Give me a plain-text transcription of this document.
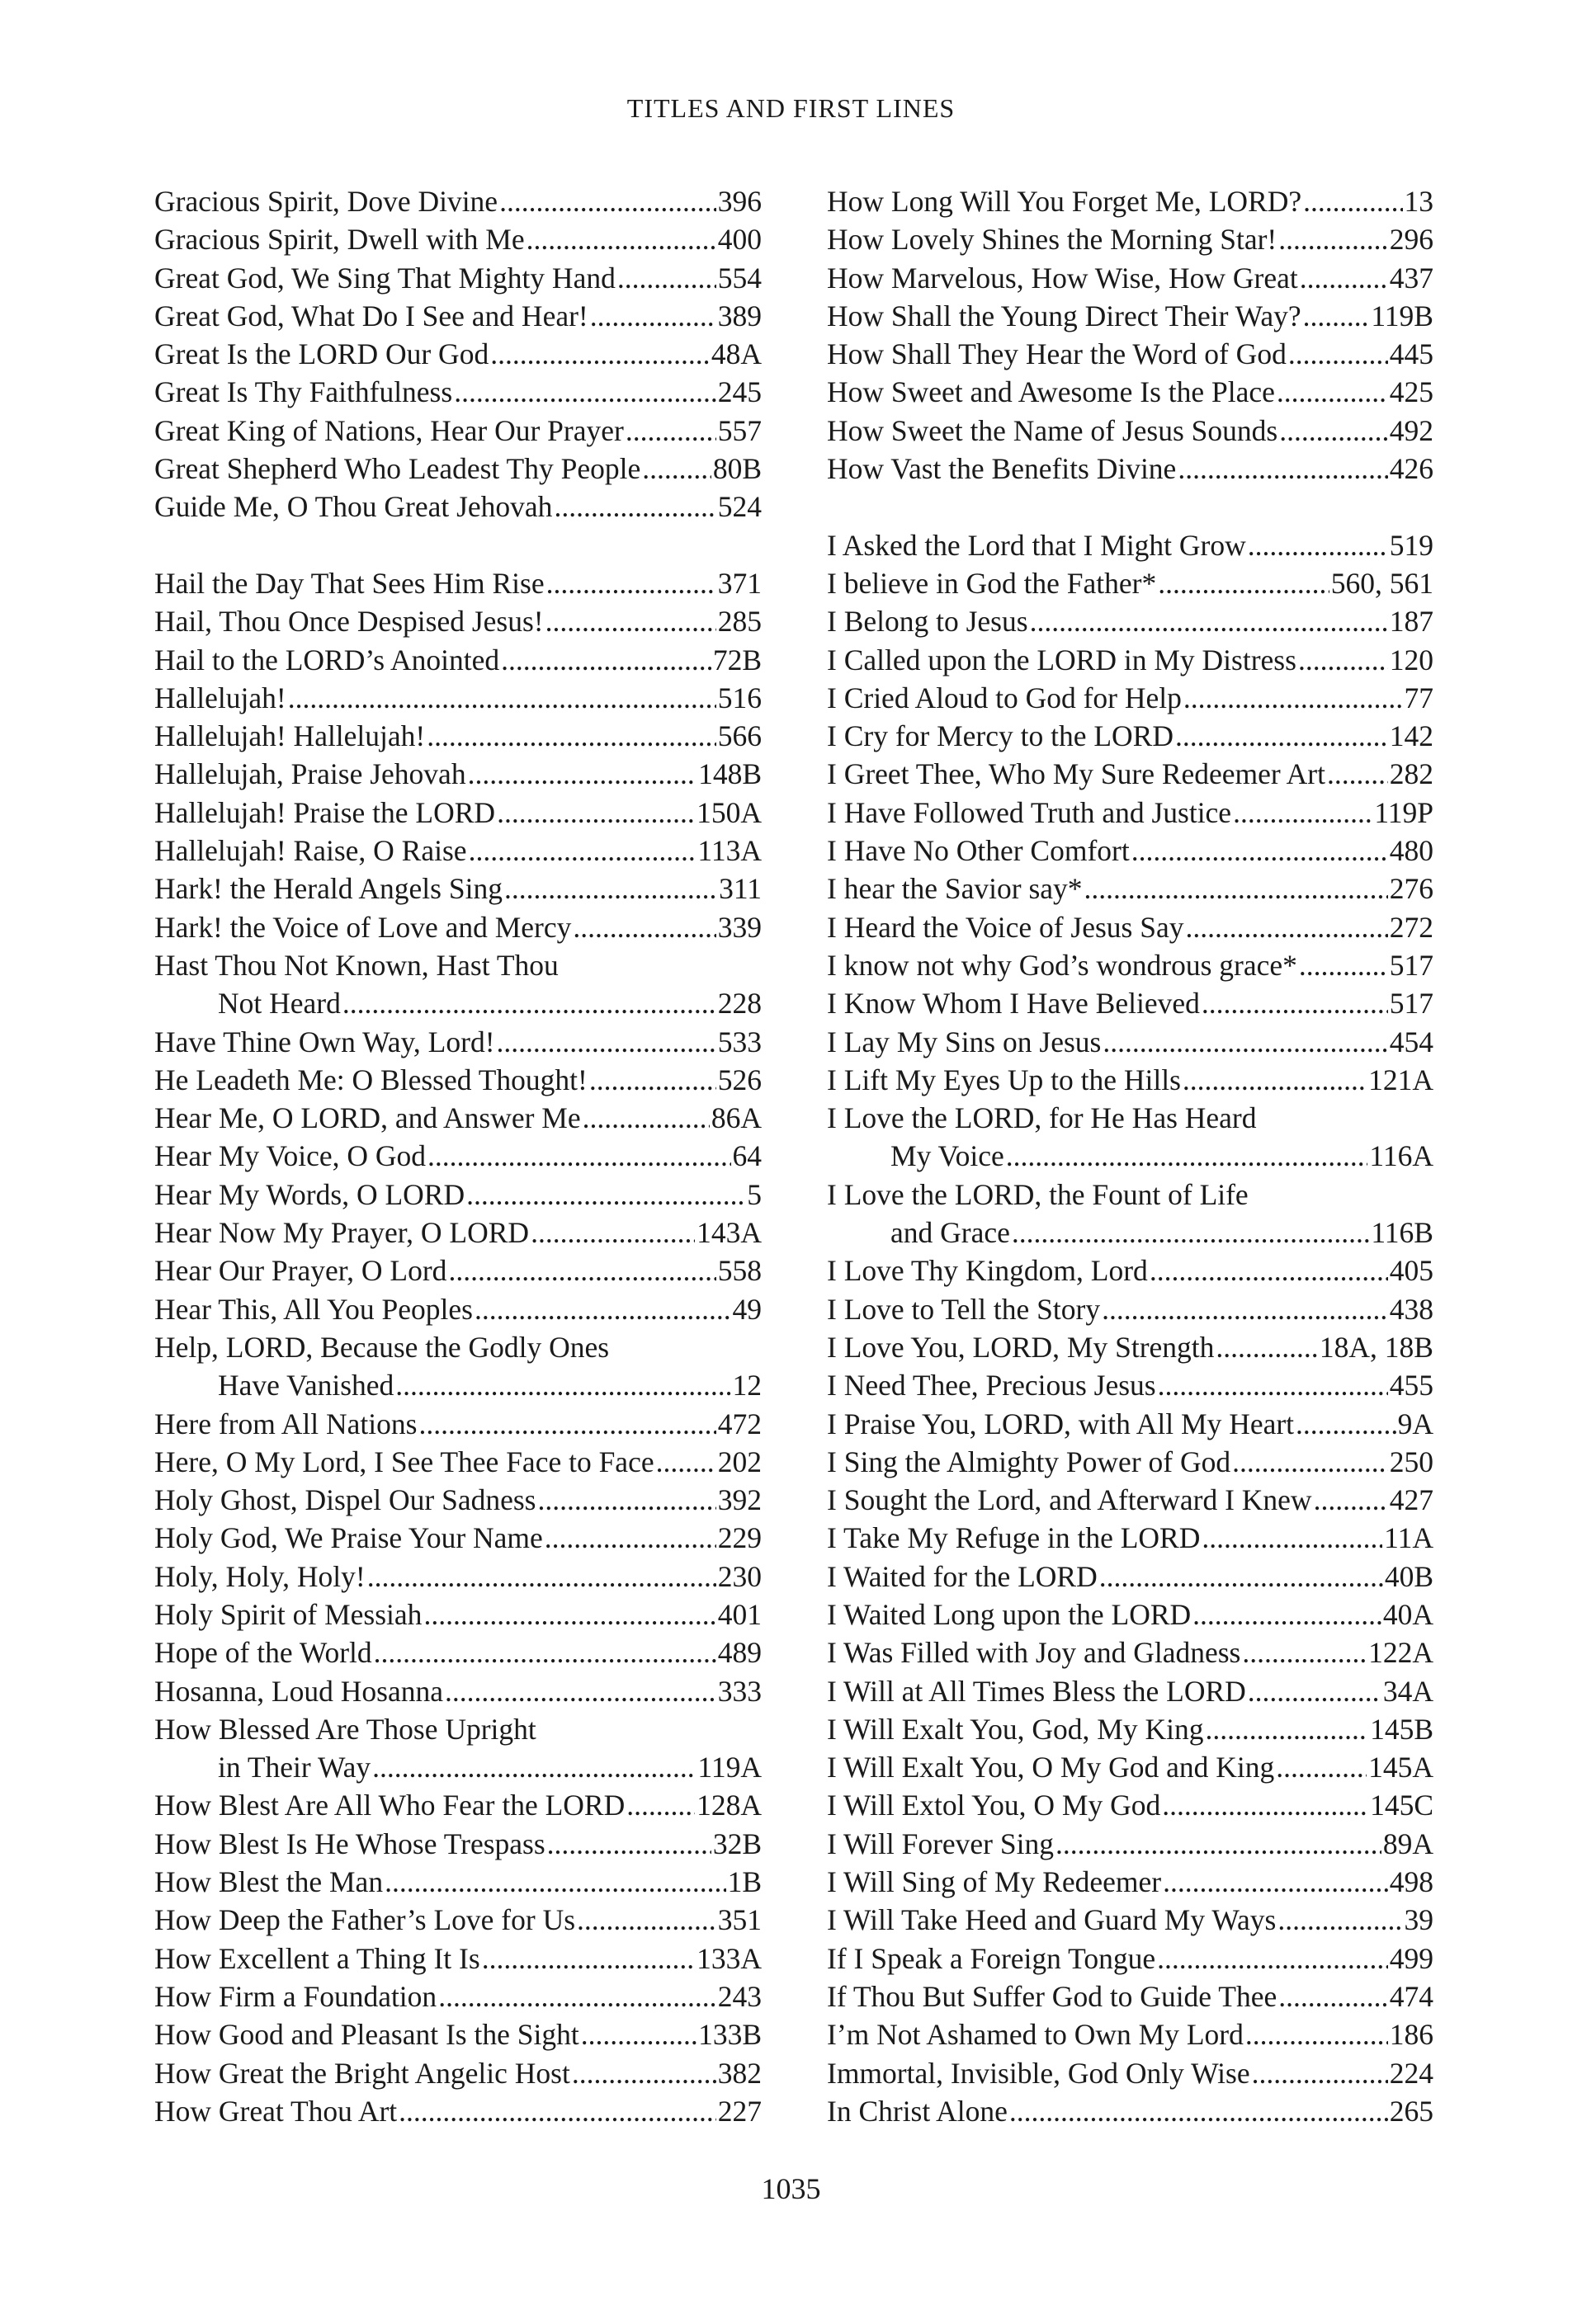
TITLES AND FIRST LINES
Gracious Spirit, Dove Divine .....	396
Gracious Spirit, Dwell with Me .....	400
Great God, We Sing That Mighty Hand .....	554
Great God, What Do I See and Hear! .....	389
Great Is the LORD Our God .....	48A
Great Is Thy Faithfulness .....	245
Great King of Nations, Hear Our Prayer .....	557
Great Shepherd Who Leadest Thy People ..... 80B
Guide Me, O Thou Great Jehovah .....	524
Hail the Day That Sees Him Rise .....	371
Hail, Thou Once Despised Jesus! .....	285
Hail to the LORD’s Anointed .....	72B
Hallelujah! .....	516
Hallelujah! Hallelujah! .....	566
Hallelujah, Praise Jehovah .....	148B
Hallelujah! Praise the LORD .....	150A
Hallelujah! Raise, O Raise .....	113A
Hark! the Herald Angels Sing .....	311
Hark! the Voice of Love and Mercy .....	339
Hast Thou Not Known, Hast Thou
Not Heard .....	228
Have Thine Own Way, Lord! .....	533
He Leadeth Me: O Blessed Thought! .....	526
Hear Me, O LORD, and Answer Me .....	86A
Hear My Voice, O God .....	64
Hear My Words, O LORD .....	5
Hear Now My Prayer, O LORD .....	143A
Hear Our Prayer, O Lord .....	558
Hear This, All You Peoples .....	49
Help, LORD, Because the Godly Ones
Have Vanished .....	12
Here from All Nations .....	472
Here, O My Lord, I See Thee Face to Face ..... 202
Holy Ghost, Dispel Our Sadness .....	392
Holy God, We Praise Your Name .....	229
Holy, Holy, Holy! .....	230
Holy Spirit of Messiah .....	401
Hope of the World .....	489
Hosanna, Loud Hosanna .....	333
How Blessed Are Those Upright
in Their Way .....	119A
How Blest Are All Who Fear the LORD ..... 128A
How Blest Is He Whose Trespass .....	32B
How Blest the Man .....	1B
How Deep the Father’s Love for Us .....	351
How Excellent a Thing It Is .....	133A
How Firm a Foundation .....	243
How Good and Pleasant Is the Sight .....	133B
How Great the Bright Angelic Host .....	382
How Great Thou Art .....	227
How Long Will You Forget Me, LORD? .....	13
How Lovely Shines the Morning Star! .....	296
How Marvelous, How Wise, How Great .....	437
How Shall the Young Direct Their Way? ..... 119B
How Shall They Hear the Word of God .....	445
How Sweet and Awesome Is the Place .....	425
How Sweet the Name of Jesus Sounds .....	492
How Vast the Benefits Divine .....	426
I Asked the Lord that I Might Grow .....	519
I believe in God the Father* .....	560, 561
I Belong to Jesus .....	187
I Called upon the LORD in My Distress .....	120
I Cried Aloud to God for Help .....	77
I Cry for Mercy to the LORD .....	142
I Greet Thee, Who My Sure Redeemer Art ..... 282
I Have Followed Truth and Justice .....	119P
I Have No Other Comfort .....	480
I hear the Savior say* .....	276
I Heard the Voice of Jesus Say .....	272
I know not why God’s wondrous grace* .....	517
I Know Whom I Have Believed .....	517
I Lay My Sins on Jesus .....	454
I Lift My Eyes Up to the Hills .....	121A
I Love the LORD, for He Has Heard
My Voice .....	116A
I Love the LORD, the Fount of Life
and Grace .....	116B
I Love Thy Kingdom, Lord .....	405
I Love to Tell the Story .....	438
I Love You, LORD, My Strength .....	18A, 18B
I Need Thee, Precious Jesus .....	455
I Praise You, LORD, with All My Heart .....	9A
I Sing the Almighty Power of God .....	250
I Sought the Lord, and Afterward I Knew .....	427
I Take My Refuge in the LORD .....	11A
I Waited for the LORD .....	40B
I Waited Long upon the LORD .....	40A
I Was Filled with Joy and Gladness .....	122A
I Will at All Times Bless the LORD .....	34A
I Will Exalt You, God, My King .....	145B
I Will Exalt You, O My God and King .....	145A
I Will Extol You, O My God .....	145C
I Will Forever Sing .....	89A
I Will Sing of My Redeemer .....	498
I Will Take Heed and Guard My Ways .....	39
If I Speak a Foreign Tongue .....	499
If Thou But Suffer God to Guide Thee .....	474
I’m Not Ashamed to Own My Lord .....	186
Immortal, Invisible, God Only Wise .....	224
In Christ Alone .....	265
1035
